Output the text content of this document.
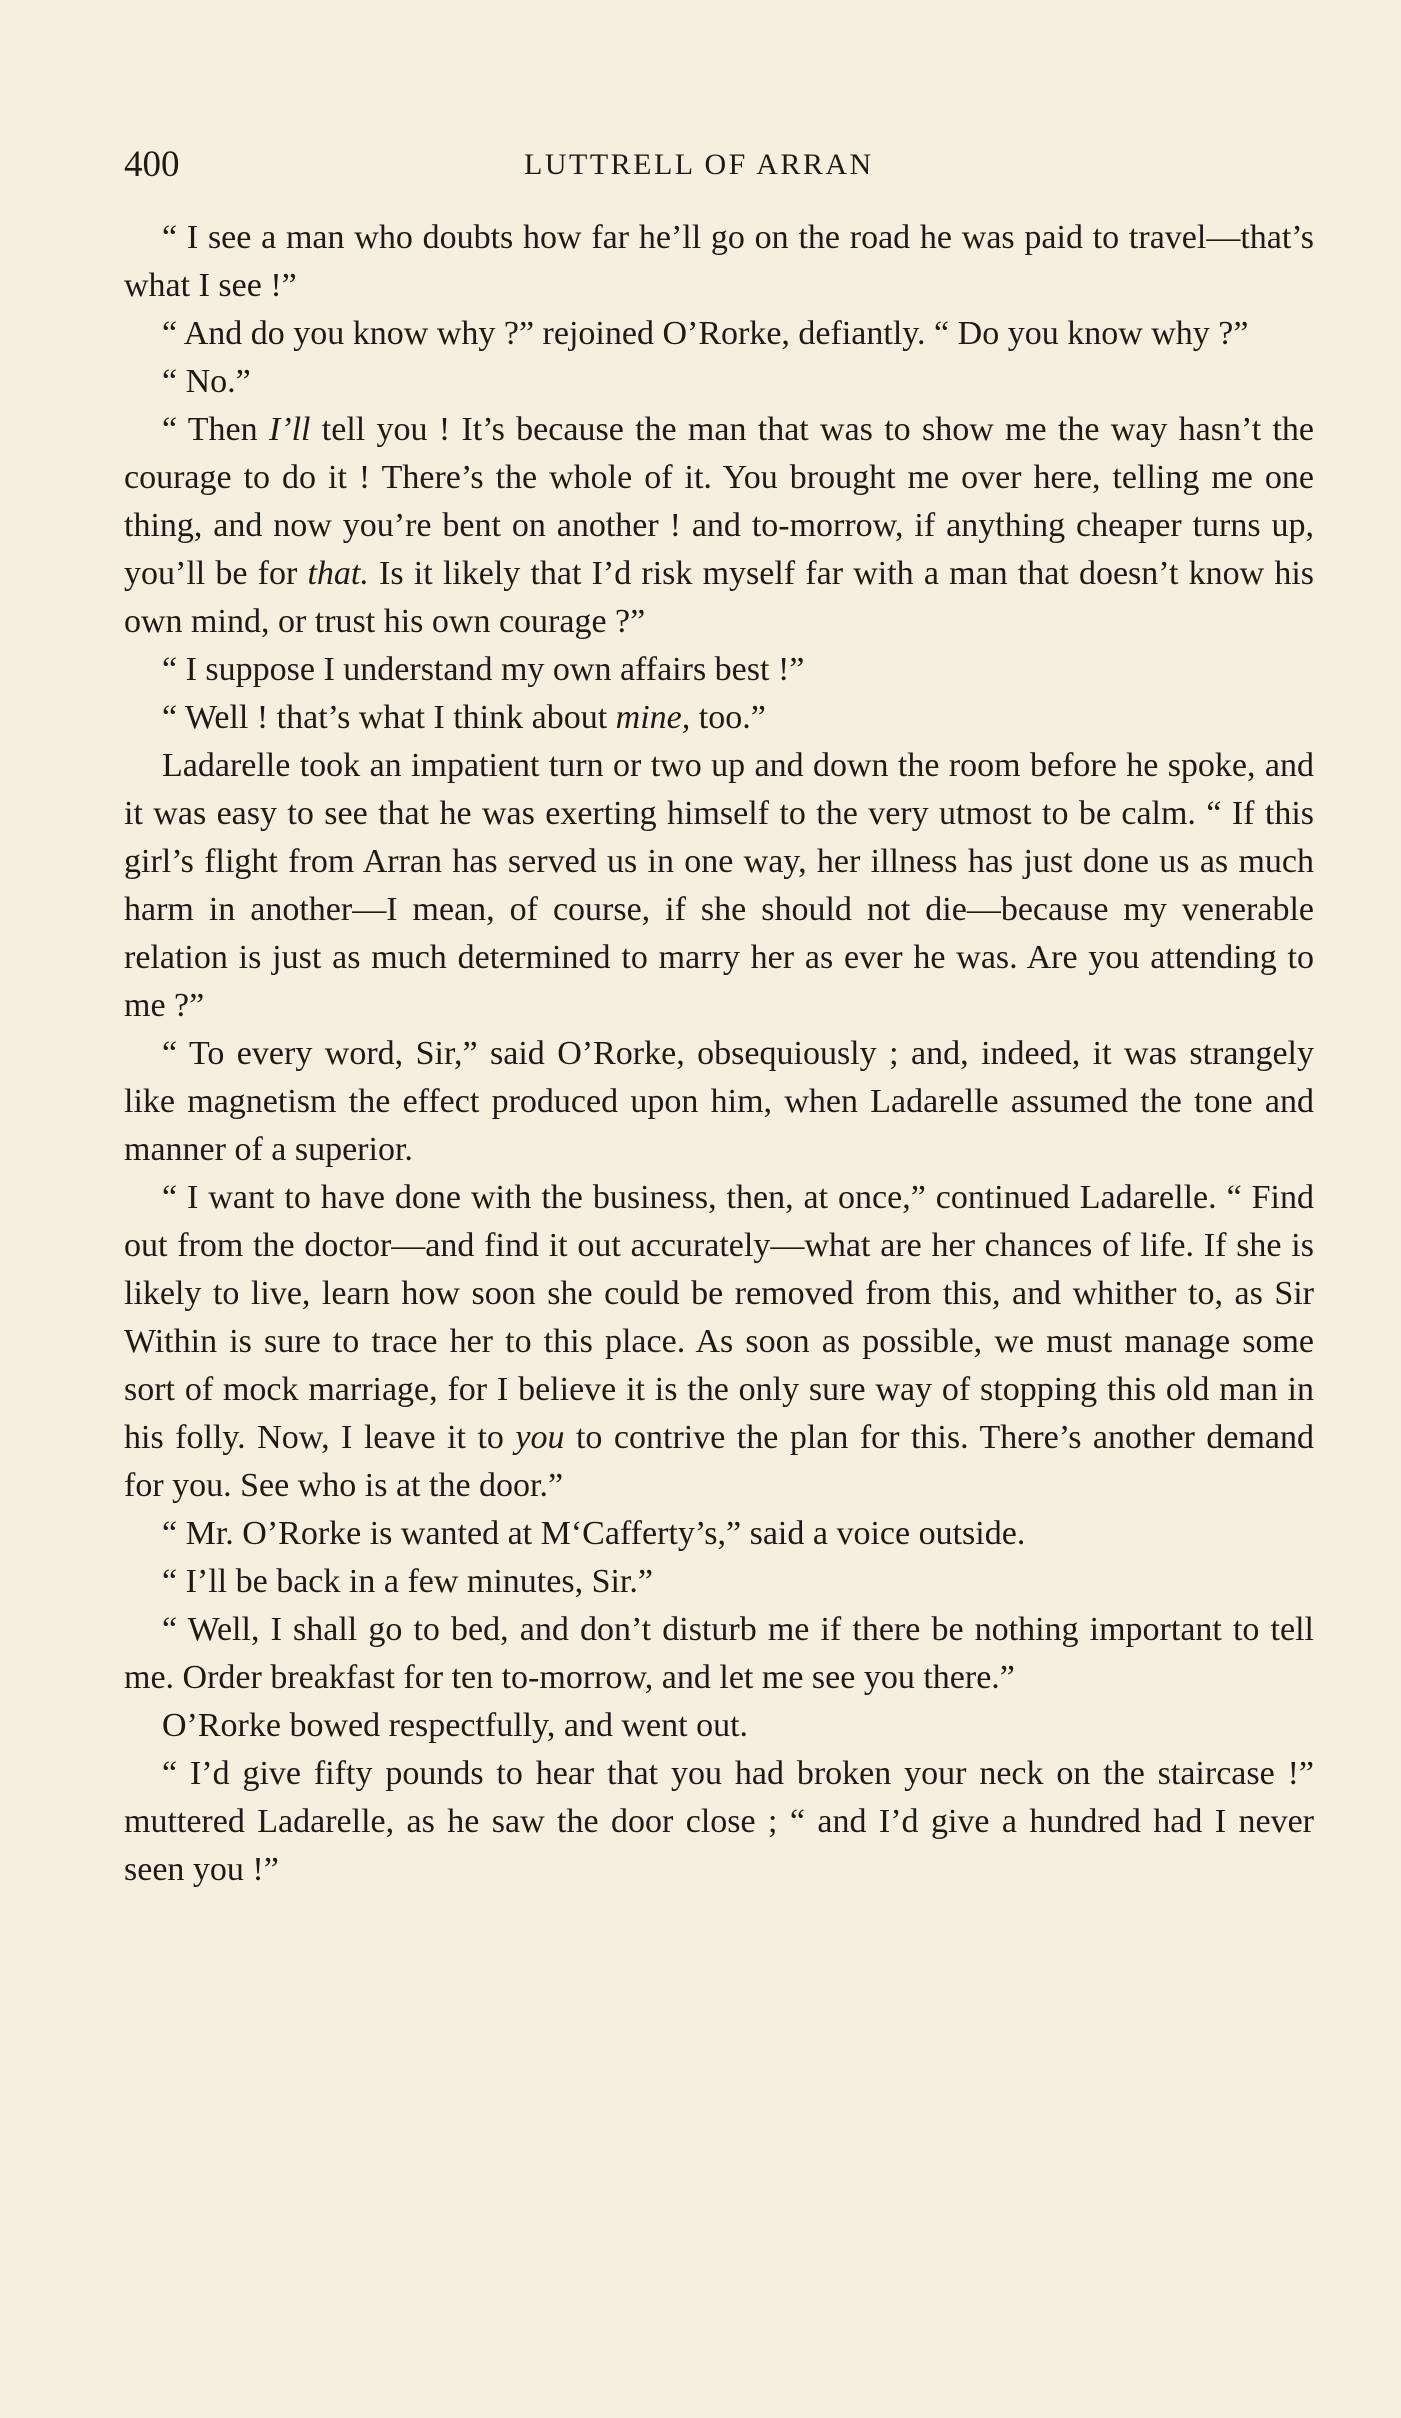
400	LUTTRELL OF ARRAN

“ I see a man who doubts how far he’ll go on the road he was paid to travel—that’s what I see !”

“ And do you know why ?” rejoined O’Rorke, defiantly. “ Do you know why ?”

“ No.”

“ Then I’ll tell you ! It’s because the man that was to show me the way hasn’t the courage to do it ! There’s the whole of it. You brought me over here, telling me one thing, and now you’re bent on another ! and to-morrow, if anything cheaper turns up, you’ll be for that. Is it likely that I’d risk myself far with a man that doesn’t know his own mind, or trust his own courage ?”

“ I suppose I understand my own affairs best !”

“ Well ! that’s what I think about mine, too.”

Ladarelle took an impatient turn or two up and down the room before he spoke, and it was easy to see that he was exerting himself to the very utmost to be calm. “ If this girl’s flight from Arran has served us in one way, her illness has just done us as much harm in another—I mean, of course, if she should not die—because my venerable relation is just as much determined to marry her as ever he was. Are you attending to me ?”

“ To every word, Sir,” said O’Rorke, obsequiously ; and, indeed, it was strangely like magnetism the effect produced upon him, when Ladarelle assumed the tone and manner of a superior.

“ I want to have done with the business, then, at once,” continued Ladarelle. “ Find out from the doctor—and find it out accurately—what are her chances of life. If she is likely to live, learn how soon she could be removed from this, and whither to, as Sir Within is sure to trace her to this place. As soon as possible, we must manage some sort of mock marriage, for I believe it is the only sure way of stopping this old man in his folly. Now, I leave it to you to contrive the plan for this. There’s another demand for you. See who is at the door.”

“ Mr. O’Rorke is wanted at M‘Cafferty’s,” said a voice outside.

“ I’ll be back in a few minutes, Sir.”

“ Well, I shall go to bed, and don’t disturb me if there be nothing important to tell me. Order breakfast for ten to-morrow, and let me see you there.”

O’Rorke bowed respectfully, and went out.

“ I’d give fifty pounds to hear that you had broken your neck on the staircase !” muttered Ladarelle, as he saw the door close ; “ and I’d give a hundred had I never seen you !”
